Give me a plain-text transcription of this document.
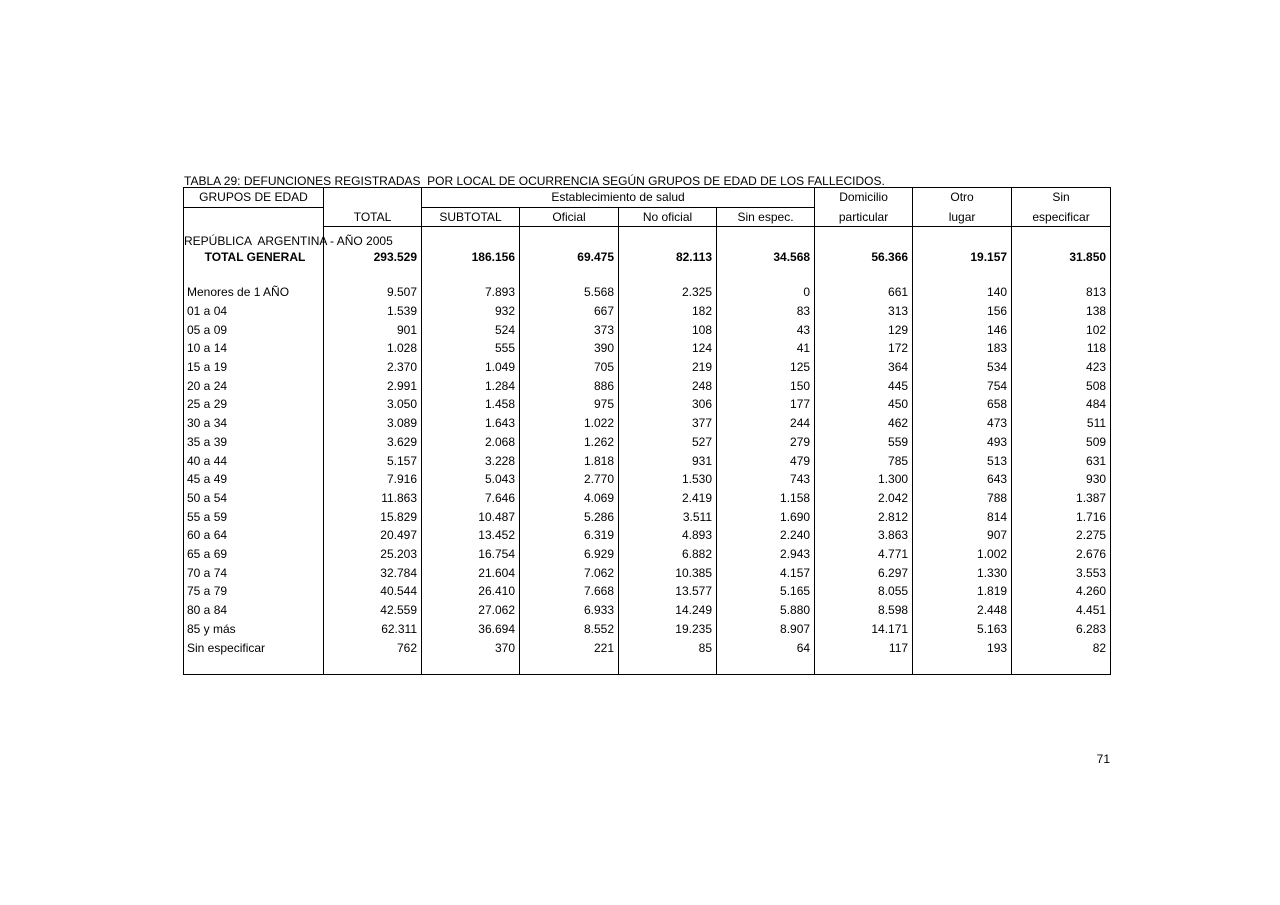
TABLA 29: DEFUNCIONES REGISTRADAS  POR LOCAL DE OCURRENCIA SEGÚN GRUPOS DE EDAD DE LOS FALLECIDOS.

REPÚBLICA  ARGENTINA - AÑO 2005

GRUPOS DE EDAD		Establecimiento de salud				Domicilio	Otro	Sin
	TOTAL	SUBTOTAL	Oficial	No oficial	Sin espec.	particular	lugar	especificar

TOTAL GENERAL	293.529	186.156	69.475	82.113	34.568	56.366	19.157	31.850

Menores de 1 AÑO	9.507	7.893	5.568	2.325	0	661	140	813
01 a 04	1.539	932	667	182	83	313	156	138
05 a 09	901	524	373	108	43	129	146	102
10 a 14	1.028	555	390	124	41	172	183	118
15 a 19	2.370	1.049	705	219	125	364	534	423
20 a 24	2.991	1.284	886	248	150	445	754	508
25 a 29	3.050	1.458	975	306	177	450	658	484
30 a 34	3.089	1.643	1.022	377	244	462	473	511
35 a 39	3.629	2.068	1.262	527	279	559	493	509
40 a 44	5.157	3.228	1.818	931	479	785	513	631
45 a 49	7.916	5.043	2.770	1.530	743	1.300	643	930
50 a 54	11.863	7.646	4.069	2.419	1.158	2.042	788	1.387
55 a 59	15.829	10.487	5.286	3.511	1.690	2.812	814	1.716
60 a 64	20.497	13.452	6.319	4.893	2.240	3.863	907	2.275
65 a 69	25.203	16.754	6.929	6.882	2.943	4.771	1.002	2.676
70 a 74	32.784	21.604	7.062	10.385	4.157	6.297	1.330	3.553
75 a 79	40.544	26.410	7.668	13.577	5.165	8.055	1.819	4.260
80 a 84	42.559	27.062	6.933	14.249	5.880	8.598	2.448	4.451
85 y más	62.311	36.694	8.552	19.235	8.907	14.171	5.163	6.283
Sin especificar	762	370	221	85	64	117	193	82

71
